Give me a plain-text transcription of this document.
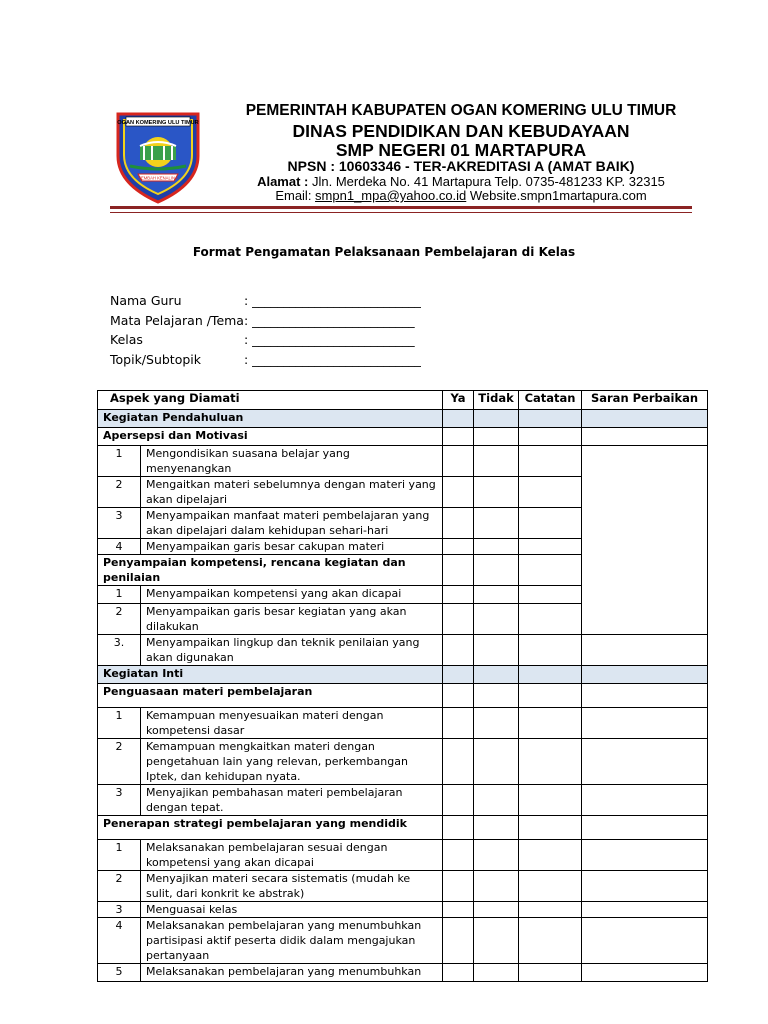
OGAN KOMERING ULU TIMUR
SEMBAH KENALINA
PEMERINTAH KABUPATEN OGAN KOMERING ULU TIMUR
DINAS PENDIDIKAN DAN KEBUDAYAAN
SMP NEGERI 01 MARTAPURA
NPSN : 10603346 - TER-AKREDITASI A (AMAT BAIK)
Alamat : Jln. Merdeka No. 41 Martapura Telp. 0735-481233 KP. 32315
Email: smpn1_mpa@yahoo.co.id Website.smpn1martapura.com
Format Pengamatan Pelaksanaan Pembelajaran di Kelas
Nama Guru	: ___________________________
Mata Pelajaran /Tema: __________________________
Kelas	: __________________________
Topik/Subtopik	: ___________________________
Aspek yang Diamati		Ya	Tidak	Catatan	Saran Perbaikan
Kegiatan Pendahuluan					
Apersepsi dan Motivasi					
1	Mengondisikan suasana belajar yang menyenangkan				
2	Mengaitkan materi sebelumnya dengan materi yang akan dipelajari				
3	Menyampaikan manfaat materi pembelajaran yang akan dipelajari dalam kehidupan sehari-hari				
4	Menyampaikan garis besar cakupan materi				
Penyampaian kompetensi, rencana kegiatan dan penilaian					
1	Menyampaikan kompetensi yang akan dicapai				
2	Menyampaikan garis besar kegiatan yang akan dilakukan				
3.	Menyampaikan lingkup dan teknik penilaian yang akan digunakan				
Kegiatan Inti					
Penguasaan materi pembelajaran					
1	Kemampuan menyesuaikan materi dengan kompetensi dasar				
2	Kemampuan mengkaitkan materi dengan pengetahuan lain yang relevan, perkembangan Iptek, dan kehidupan nyata.				
3	Menyajikan pembahasan materi pembelajaran dengan tepat.				
Penerapan strategi pembelajaran yang mendidik					
1	Melaksanakan pembelajaran sesuai dengan kompetensi yang akan dicapai				
2	Menyajikan materi secara sistematis (mudah ke sulit, dari konkrit ke abstrak)				
3	Menguasai kelas				
4	Melaksanakan pembelajaran yang menumbuhkan partisipasi aktif peserta didik dalam mengajukan pertanyaan				
5	Melaksanakan pembelajaran yang menumbuhkan				
